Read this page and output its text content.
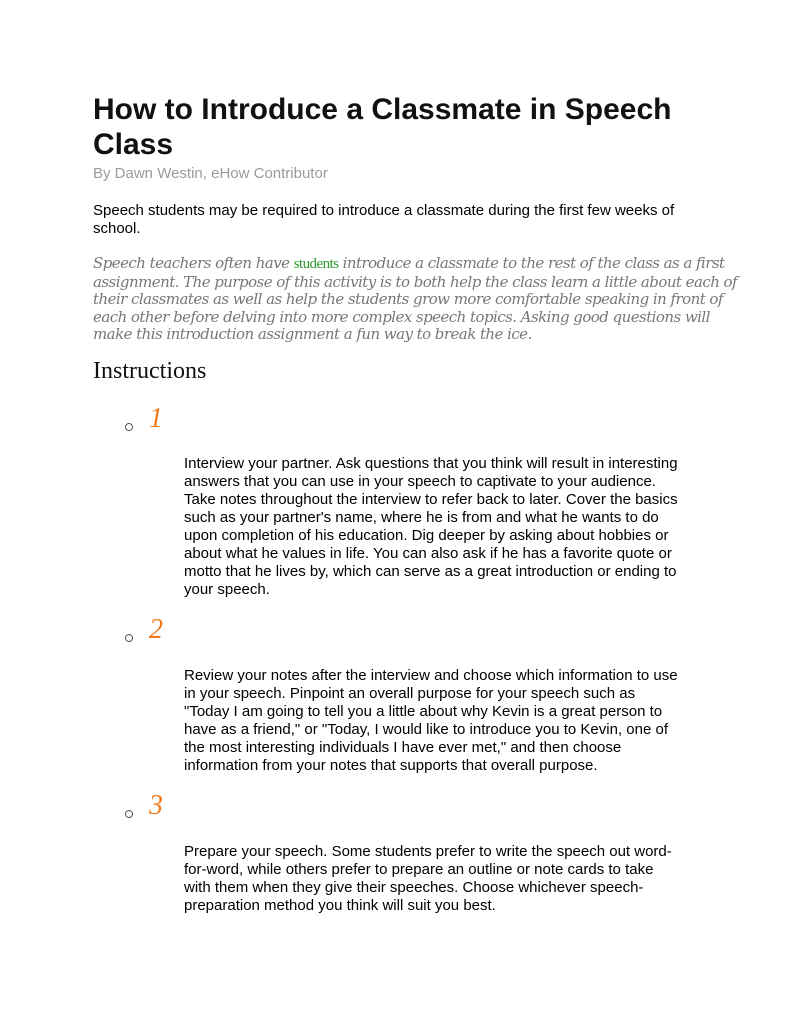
How to Introduce a Classmate in Speech
Class
By Dawn Westin, eHow Contributor
Speech students may be required to introduce a classmate during the first few weeks of
school.
Speech teachers often have students introduce a classmate to the rest of the class as a first
assignment. The purpose of this activity is to both help the class learn a little about each of
their classmates as well as help the students grow more comfortable speaking in front of
each other before delving into more complex speech topics. Asking good questions will
make this introduction assignment a fun way to break the ice.
Instructions
1
Interview your partner. Ask questions that you think will result in interesting
answers that you can use in your speech to captivate to your audience.
Take notes throughout the interview to refer back to later. Cover the basics
such as your partner's name, where he is from and what he wants to do
upon completion of his education. Dig deeper by asking about hobbies or
about what he values in life. You can also ask if he has a favorite quote or
motto that he lives by, which can serve as a great introduction or ending to
your speech.
2
Review your notes after the interview and choose which information to use
in your speech. Pinpoint an overall purpose for your speech such as
"Today I am going to tell you a little about why Kevin is a great person to
have as a friend," or "Today, I would like to introduce you to Kevin, one of
the most interesting individuals I have ever met," and then choose
information from your notes that supports that overall purpose.
3
Prepare your speech. Some students prefer to write the speech out word-
for-word, while others prefer to prepare an outline or note cards to take
with them when they give their speeches. Choose whichever speech-
preparation method you think will suit you best.
